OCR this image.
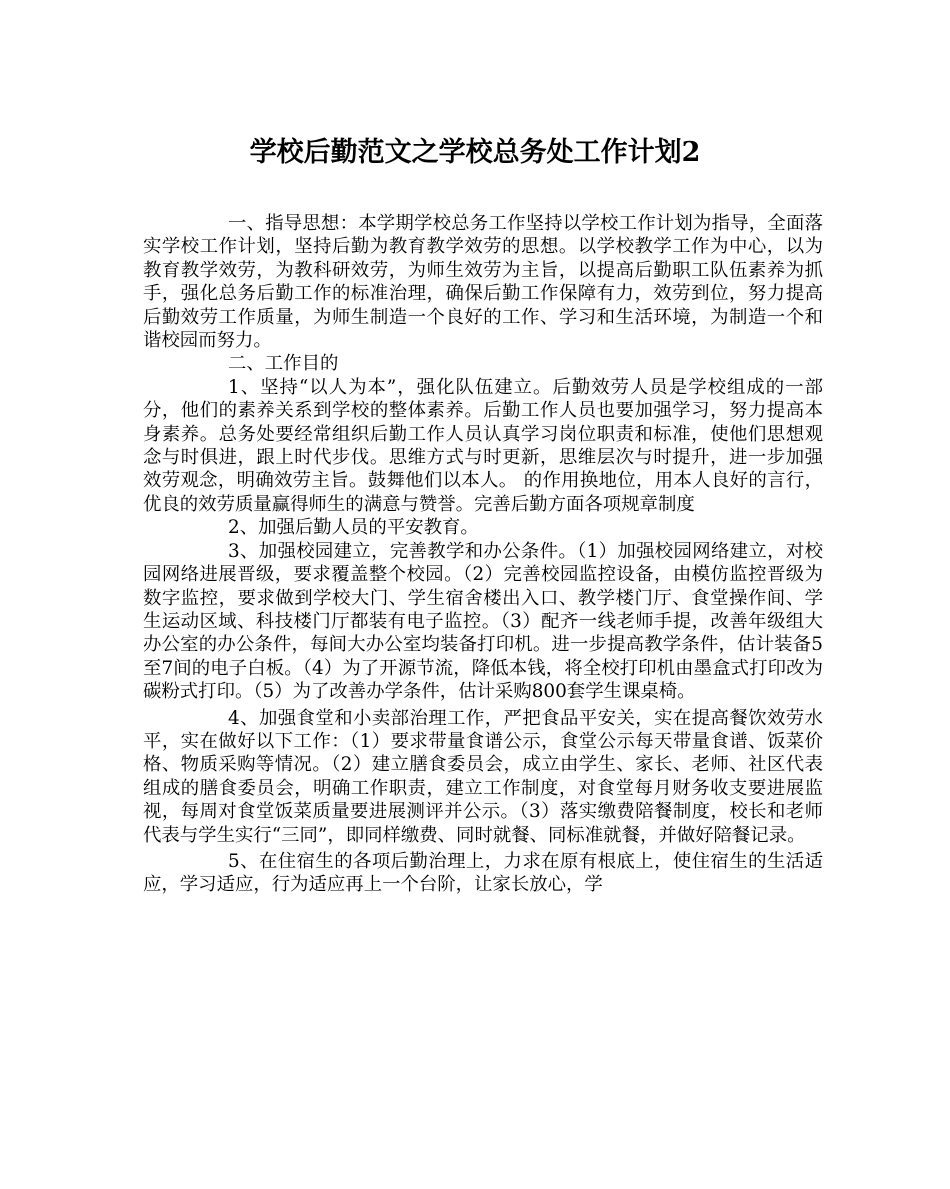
学校后勤范文之学校总务处工作计划2

一、指导思想：本学期学校总务工作坚持以学校工作计划为指导，全面落实学校工作计划，坚持后勤为教育教学效劳的思想。以学校教学工作为中心，以为教育教学效劳，为教科研效劳，为师生效劳为主旨，以提高后勤职工队伍素养为抓手，强化总务后勤工作的标准治理，确保后勤工作保障有力，效劳到位，努力提高后勤效劳工作质量，为师生制造一个良好的工作、学习和生活环境，为制造一个和谐校园而努力。

二、工作目的

1、坚持“以人为本”，强化队伍建立。后勤效劳人员是学校组成的一部分，他们的素养关系到学校的整体素养。后勤工作人员也要加强学习，努力提高本身素养。总务处要经常组织后勤工作人员认真学习岗位职责和标准，使他们思想观念与时俱进，跟上时代步伐。思维方式与时更新，思维层次与时提升，进一步加强效劳观念，明确效劳主旨。鼓舞他们以本人。 的作用换地位，用本人良好的言行，优良的效劳质量赢得师生的满意与赞誉。完善后勤方面各项规章制度

2、加强后勤人员的平安教育。

3、加强校园建立，完善教学和办公条件。（1）加强校园网络建立，对校园网络进展晋级，要求覆盖整个校园。（2）完善校园监控设备，由模仿监控晋级为数字监控，要求做到学校大门、学生宿舍楼出入口、教学楼门厅、食堂操作间、学生运动区域、科技楼门厅都装有电子监控。（3）配齐一线老师手提，改善年级组大办公室的办公条件，每间大办公室均装备打印机。进一步提高教学条件，估计装备5至7间的电子白板。（4）为了开源节流，降低本钱，将全校打印机由墨盒式打印改为碳粉式打印。（5）为了改善办学条件，估计采购800套学生课桌椅。

4、加强食堂和小卖部治理工作，严把食品平安关，实在提高餐饮效劳水平，实在做好以下工作：（1）要求带量食谱公示，食堂公示每天带量食谱、饭菜价格、物质采购等情况。（2）建立膳食委员会，成立由学生、家长、老师、社区代表组成的膳食委员会，明确工作职责，建立工作制度，对食堂每月财务收支要进展监视，每周对食堂饭菜质量要进展测评并公示。（3）落实缴费陪餐制度，校长和老师代表与学生实行“三同”，即同样缴费、同时就餐、同标准就餐，并做好陪餐记录。

5、在住宿生的各项后勤治理上，力求在原有根底上，使住宿生的生活适应，学习适应，行为适应再上一个台阶，让家长放心，学
